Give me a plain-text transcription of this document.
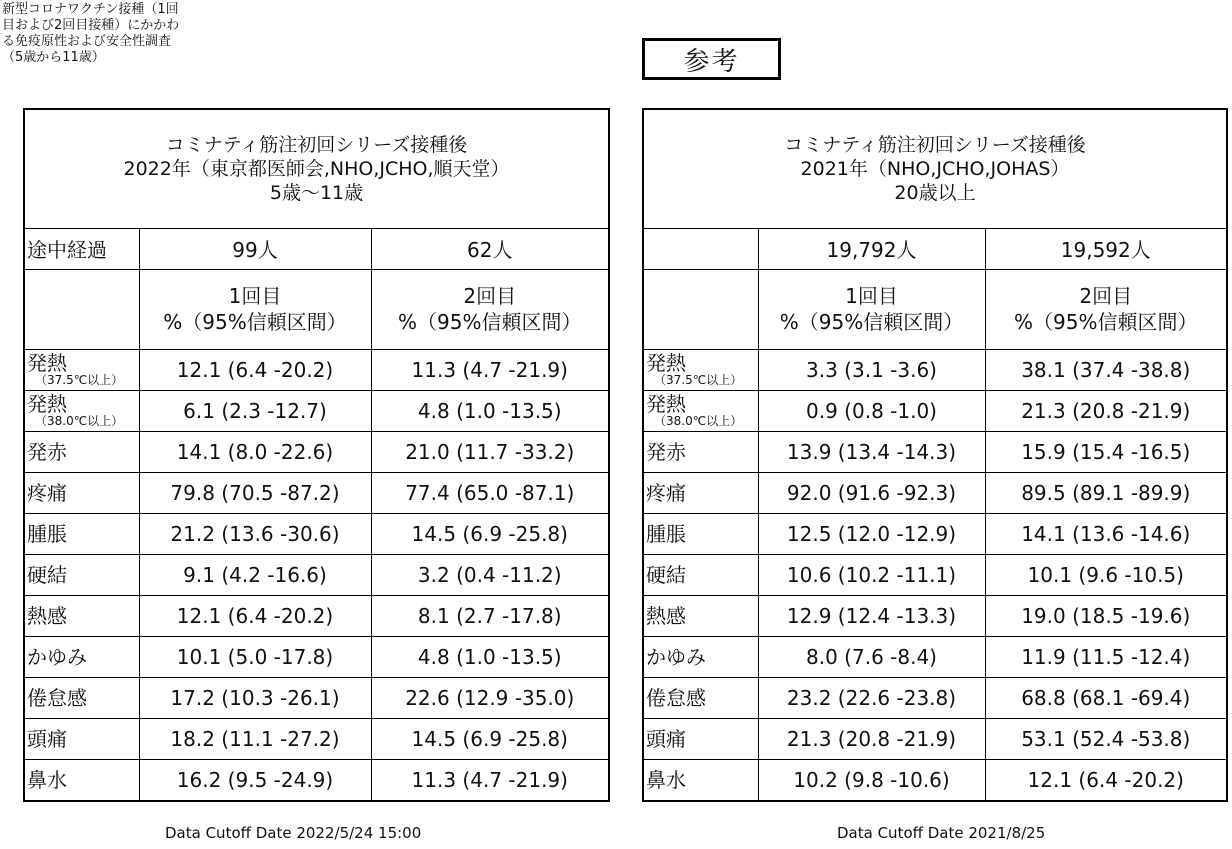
新型コロナワクチン接種（1回
目および2回目接種）にかかわ
る免疫原性および安全性調査
（5歳から11歳）	参考
コミナティ筋注初回シリーズ接種後
2022年（東京都医師会,NHO,JCHO,順天堂）
5歳〜11歳		

途中経過	99人	62人

	1回目
%（95%信頼区間）	2回目
%（95%信頼区間）

発熱
（37.5℃以上）	12.1 (6.4 -20.2)	11.3 (4.7 -21.9)

発熱
（38.0℃以上）	6.1 (2.3 -12.7)	4.8 (1.0 -13.5)

発赤	14.1 (8.0 -22.6)	21.0 (11.7 -33.2)

疼痛	79.8 (70.5 -87.2)	77.4 (65.0 -87.1)

腫脹	21.2 (13.6 -30.6)	14.5 (6.9 -25.8)

硬結	9.1 (4.2 -16.6)	3.2 (0.4 -11.2)

熱感	12.1 (6.4 -20.2)	8.1 (2.7 -17.8)

かゆみ	10.1 (5.0 -17.8)	4.8 (1.0 -13.5)

倦怠感	17.2 (10.3 -26.1)	22.6 (12.9 -35.0)

頭痛	18.2 (11.1 -27.2)	14.5 (6.9 -25.8)

鼻水	16.2 (9.5 -24.9)	11.3 (4.7 -21.9)
コミナティ筋注初回シリーズ接種後
2021年（NHO,JCHO,JOHAS）
20歳以上		

	19,792人	19,592人

	1回目
%（95%信頼区間）	2回目
%（95%信頼区間）

発熱
（37.5℃以上）	3.3 (3.1 -3.6)	38.1 (37.4 -38.8)

発熱
（38.0℃以上）	0.9 (0.8 -1.0)	21.3 (20.8 -21.9)

発赤	13.9 (13.4 -14.3)	15.9 (15.4 -16.5)

疼痛	92.0 (91.6 -92.3)	89.5 (89.1 -89.9)

腫脹	12.5 (12.0 -12.9)	14.1 (13.6 -14.6)

硬結	10.6 (10.2 -11.1)	10.1 (9.6 -10.5)

熱感	12.9 (12.4 -13.3)	19.0 (18.5 -19.6)

かゆみ	8.0 (7.6 -8.4)	11.9 (11.5 -12.4)

倦怠感	23.2 (22.6 -23.8)	68.8 (68.1 -69.4)

頭痛	21.3 (20.8 -21.9)	53.1 (52.4 -53.8)

鼻水	10.2 (9.8 -10.6)	12.1 (6.4 -20.2)
Data Cutoff Date 2022/5/24 15:00	Data Cutoff Date 2021/8/25
